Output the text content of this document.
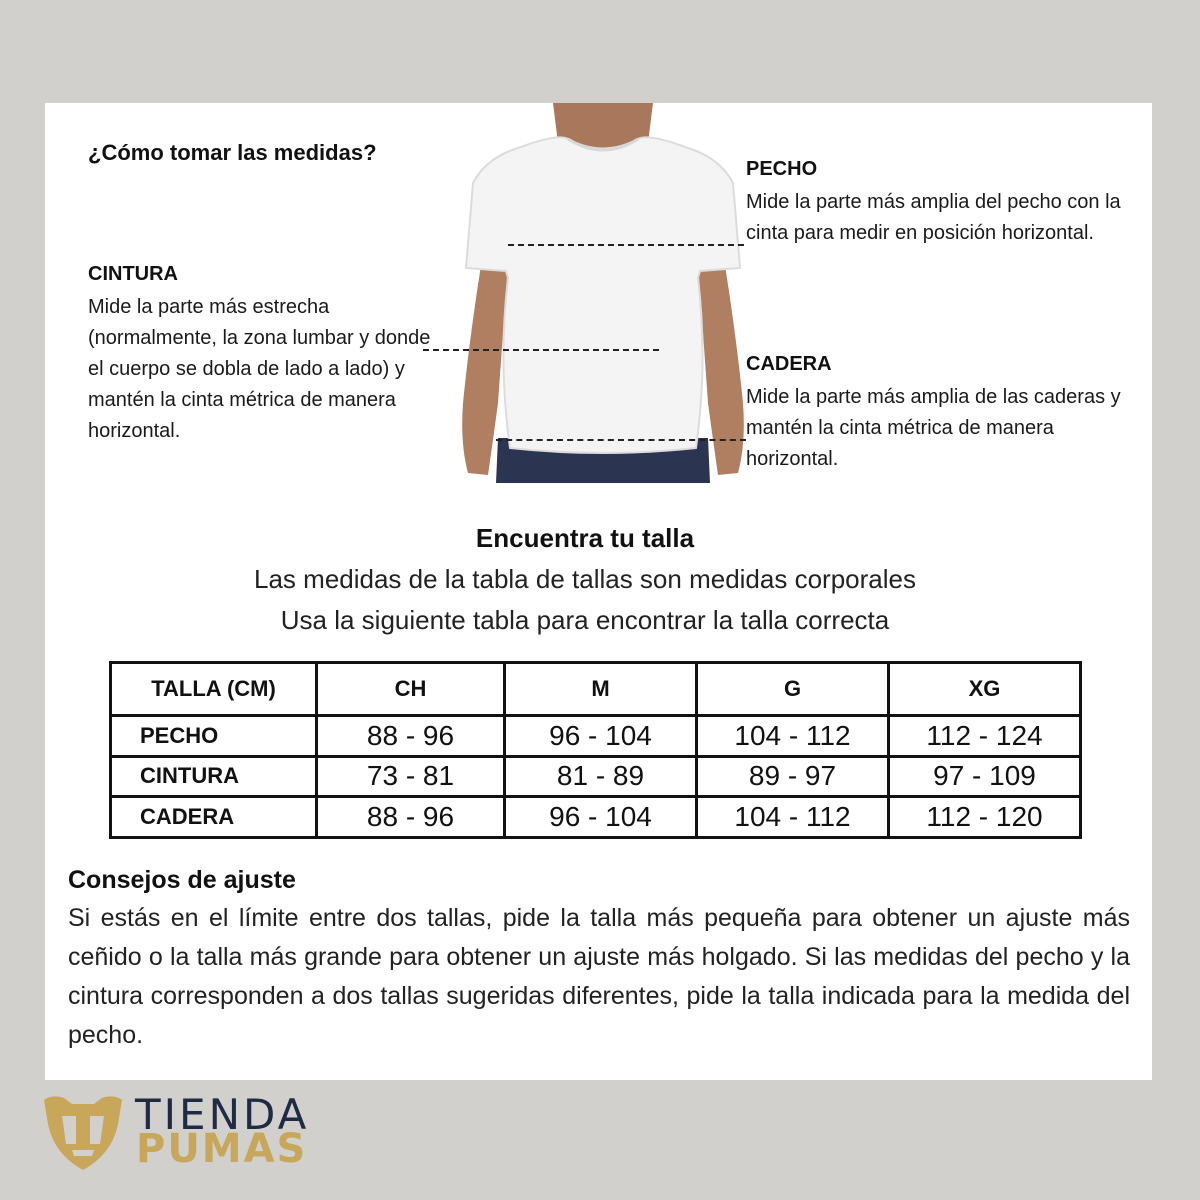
¿Cómo tomar las medidas?
CINTURA
Mide la parte más estrecha (normalmente, la zona lumbar y donde el cuerpo se dobla de lado a lado) y mantén la cinta métrica de manera horizontal.
PECHO
Mide la parte más amplia del pecho con la cinta para medir en posición horizontal.
CADERA
Mide la parte más amplia de las caderas y mantén la cinta métrica de manera horizontal.
Encuentra tu talla
Las medidas de la tabla de tallas son medidas corporales
Usa la siguiente tabla para encontrar la talla correcta
TALLA (CM)	CH	M	G	XG
PECHO	88 - 96	96 - 104	104 - 112	112 - 124
CINTURA	73 - 81	81 - 89	89 - 97	97 - 109
CADERA	88 - 96	96 - 104	104 - 112	112 - 120
Consejos de ajuste
Si estás en el límite entre dos tallas, pide la talla más pequeña para obtener un ajuste más ceñido o la talla más grande para obtener un ajuste más holgado. Si las medidas del pecho y la cintura corresponden a dos tallas sugeridas diferentes, pide la talla indicada para la medida del pecho.
TIENDA
PUMAS
